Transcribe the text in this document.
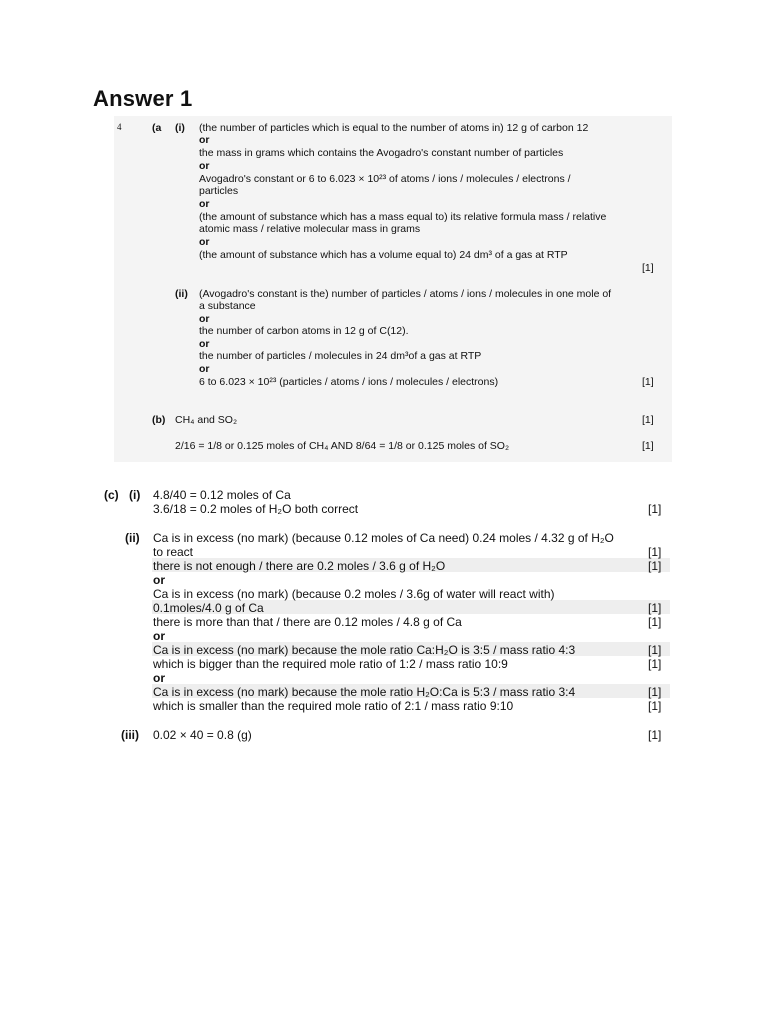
Answer 1
4	(a (i) (the number of particles which is equal to the number of atoms in) 12 g of carbon 12
or
the mass in grams which contains the Avogadro's constant number of particles
or
Avogadro's constant or 6 to 6.023 × 10²³ of atoms / ions / molecules / electrons /
particles
or
(the amount of substance which has a mass equal to) its relative formula mass / relative
atomic mass / relative molecular mass in grams
or
(the amount of substance which has a volume equal to) 24 dm³ of a gas at RTP
[1]
(ii) (Avogadro's constant is the) number of particles / atoms / ions / molecules in one mole of
a substance
or
the number of carbon atoms in 12 g of C(12).
or
the number of particles / molecules in 24 dm³of a gas at RTP
or
6 to 6.023 × 10²³ (particles / atoms / ions / molecules / electrons)	[1]
(b) CH₄ and SO₂	[1]
2/16 = 1/8 or 0.125 moles of CH₄ AND 8/64 = 1/8 or 0.125 moles of SO₂	[1]
(c) (i) 4.8/40 = 0.12 moles of Ca
3.6/18 = 0.2 moles of H₂O both correct	[1]
(ii) Ca is in excess (no mark) (because 0.12 moles of Ca need) 0.24 moles / 4.32 g of H₂O
to react	[1]
there is not enough / there are 0.2 moles / 3.6 g of H₂O	[1]
or
Ca is in excess (no mark) (because 0.2 moles / 3.6g of water will react with)
0.1moles/4.0 g of Ca	[1]
there is more than that / there are 0.12 moles / 4.8 g of Ca	[1]
or
Ca is in excess (no mark) because the mole ratio Ca:H₂O is 3:5 / mass ratio 4:3	[1]
which is bigger than the required mole ratio of 1:2 / mass ratio 10:9	[1]
or
Ca is in excess (no mark) because the mole ratio H₂O:Ca is 5:3 / mass ratio 3:4	[1]
which is smaller than the required mole ratio of 2:1 / mass ratio 9:10	[1]
(iii) 0.02 × 40 = 0.8 (g)	[1]
